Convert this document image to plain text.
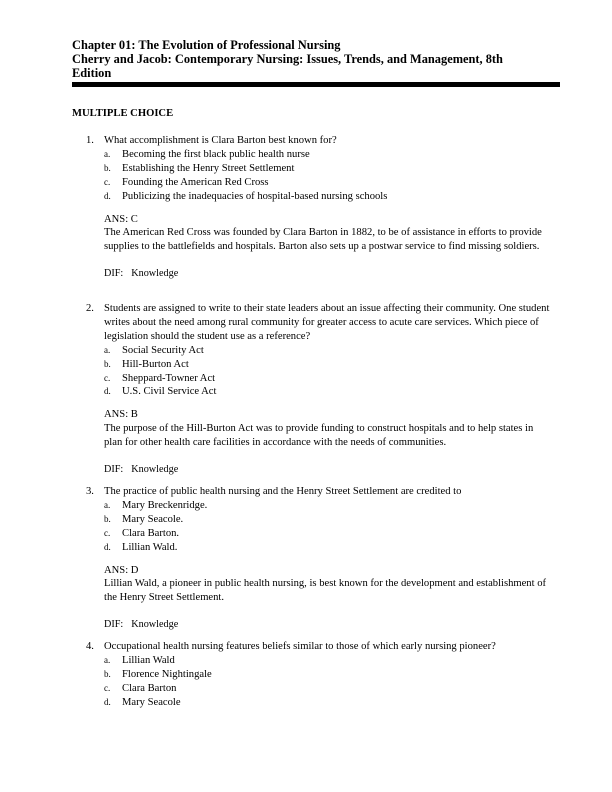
Chapter 01: The Evolution of Professional Nursing
Cherry and Jacob: Contemporary Nursing: Issues, Trends, and Management, 8th Edition
MULTIPLE CHOICE
1. What accomplishment is Clara Barton best known for?
a. Becoming the first black public health nurse
b. Establishing the Henry Street Settlement
c. Founding the American Red Cross
d. Publicizing the inadequacies of hospital-based nursing schools
ANS: C
The American Red Cross was founded by Clara Barton in 1882, to be of assistance in efforts to provide supplies to the battlefields and hospitals. Barton also sets up a postwar service to find missing soldiers.
DIF: Knowledge
2. Students are assigned to write to their state leaders about an issue affecting their community. One student writes about the need among rural community for greater access to acute care services. Which piece of legislation should the student use as a reference?
a. Social Security Act
b. Hill-Burton Act
c. Sheppard-Towner Act
d. U.S. Civil Service Act
ANS: B
The purpose of the Hill-Burton Act was to provide funding to construct hospitals and to help states in plan for other health care facilities in accordance with the needs of communities.
DIF: Knowledge
3. The practice of public health nursing and the Henry Street Settlement are credited to
a. Mary Breckenridge.
b. Mary Seacole.
c. Clara Barton.
d. Lillian Wald.
ANS: D
Lillian Wald, a pioneer in public health nursing, is best known for the development and establishment of the Henry Street Settlement.
DIF: Knowledge
4. Occupational health nursing features beliefs similar to those of which early nursing pioneer?
a. Lillian Wald
b. Florence Nightingale
c. Clara Barton
d. Mary Seacole
